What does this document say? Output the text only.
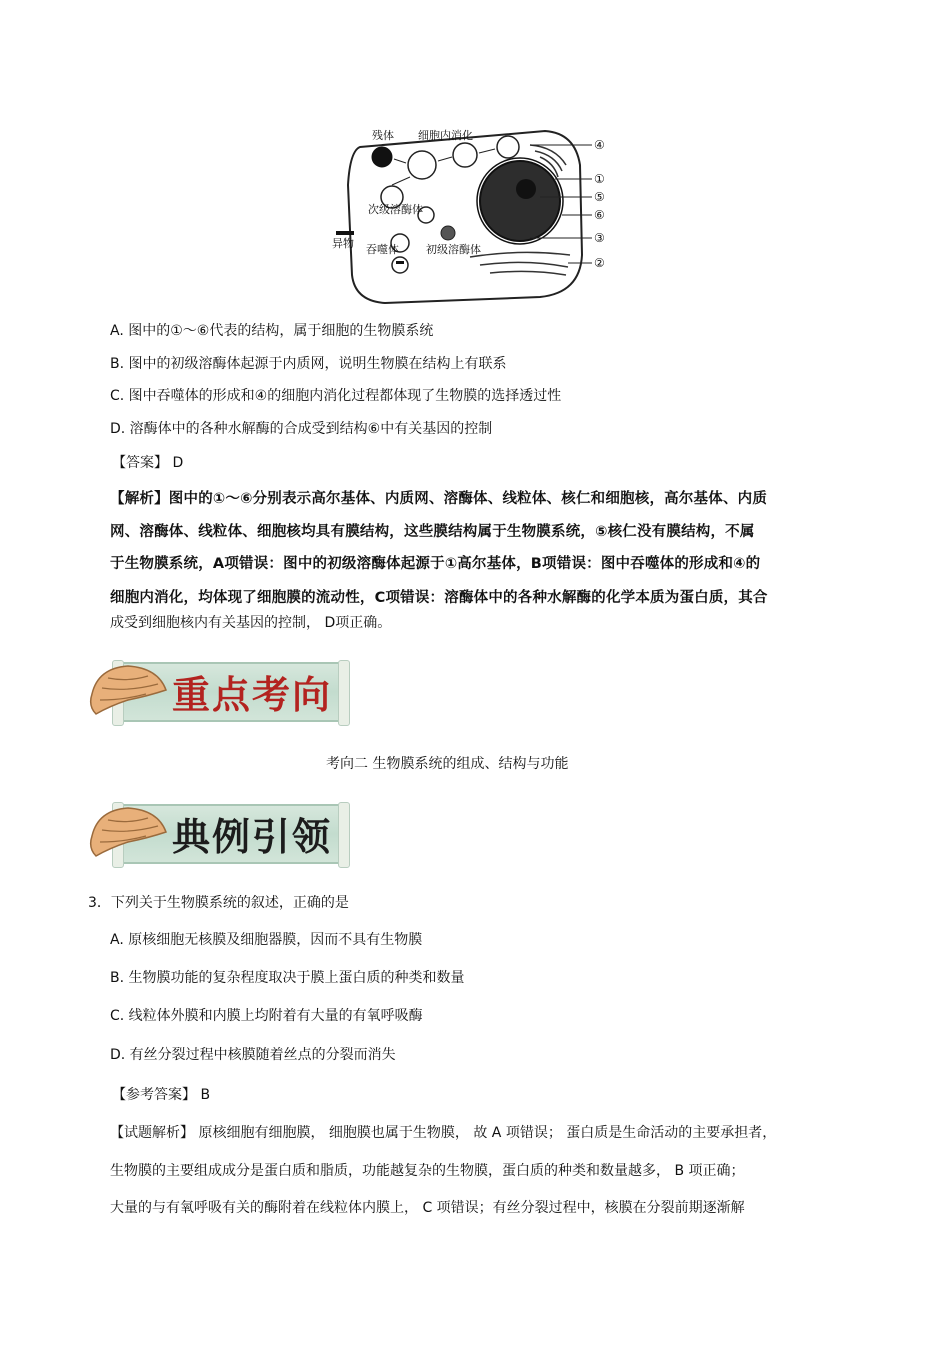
残体 细胞内消化
次级溶酶体
异物 吞噬体 初级溶酶体
④
①
⑤
⑥
③
②
A. 图中的①～⑥代表的结构，属于细胞的生物膜系统
B. 图中的初级溶酶体起源于内质网，说明生物膜在结构上有联系
C. 图中吞噬体的形成和④的细胞内消化过程都体现了生物膜的选择透过性
D. 溶酶体中的各种水解酶的合成受到结构⑥中有关基因的控制
【答案】 D
【解析】图中的①～⑥分别表示高尔基体、内质网、溶酶体、线粒体、核仁和细胞核，高尔基体、内质
网、溶酶体、线粒体、细胞核均具有膜结构，这些膜结构属于生物膜系统，⑤核仁没有膜结构，不属
于生物膜系统，A项错误：图中的初级溶酶体起源于①高尔基体，B项错误：图中吞噬体的形成和④的
细胞内消化，均体现了细胞膜的流动性，C项错误：溶酶体中的各种水解酶的化学本质为蛋白质，其合
成受到细胞核内有关基因的控制， D项正确。
重点考向
考向二 生物膜系统的组成、结构与功能
典例引领
3．下列关于生物膜系统的叙述，正确的是
A. 原核细胞无核膜及细胞器膜，因而不具有生物膜
B. 生物膜功能的复杂程度取决于膜上蛋白质的种类和数量
C. 线粒体外膜和内膜上均附着有大量的有氧呼吸酶
D. 有丝分裂过程中核膜随着丝点的分裂而消失
【参考答案】 B
【试题解析】 原核细胞有细胞膜， 细胞膜也属于生物膜， 故 A 项错误； 蛋白质是生命活动的主要承担者，
生物膜的主要组成成分是蛋白质和脂质，功能越复杂的生物膜，蛋白质的种类和数量越多， B 项正确；
大量的与有氧呼吸有关的酶附着在线粒体内膜上， C 项错误；有丝分裂过程中，核膜在分裂前期逐渐解
